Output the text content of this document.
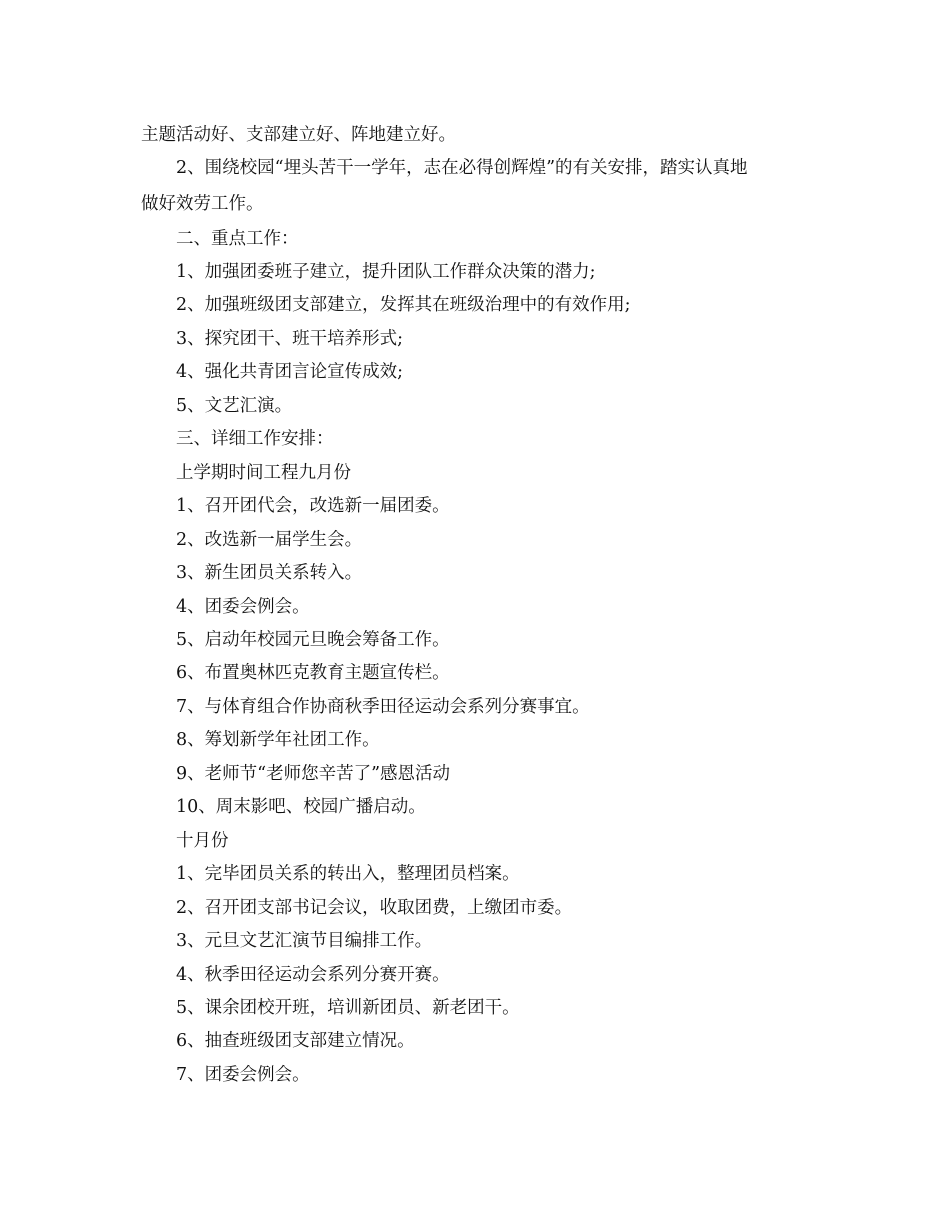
主题活动好、支部建立好、阵地建立好。
2、围绕校园“埋头苦干一学年，志在必得创辉煌”的有关安排，踏实认真地
做好效劳工作。
二、重点工作：
1、加强团委班子建立，提升团队工作群众决策的潜力;
2、加强班级团支部建立，发挥其在班级治理中的有效作用;
3、探究团干、班干培养形式;
4、强化共青团言论宣传成效;
5、文艺汇演。
三、详细工作安排：
上学期时间工程九月份
1、召开团代会，改选新一届团委。
2、改选新一届学生会。
3、新生团员关系转入。
4、团委会例会。
5、启动年校园元旦晚会筹备工作。
6、布置奥林匹克教育主题宣传栏。
7、与体育组合作协商秋季田径运动会系列分赛事宜。
8、筹划新学年社团工作。
9、老师节“老师您辛苦了”感恩活动
10、周末影吧、校园广播启动。
十月份
1、完毕团员关系的转出入，整理团员档案。
2、召开团支部书记会议，收取团费，上缴团市委。
3、元旦文艺汇演节目编排工作。
4、秋季田径运动会系列分赛开赛。
5、课余团校开班，培训新团员、新老团干。
6、抽查班级团支部建立情况。
7、团委会例会。
